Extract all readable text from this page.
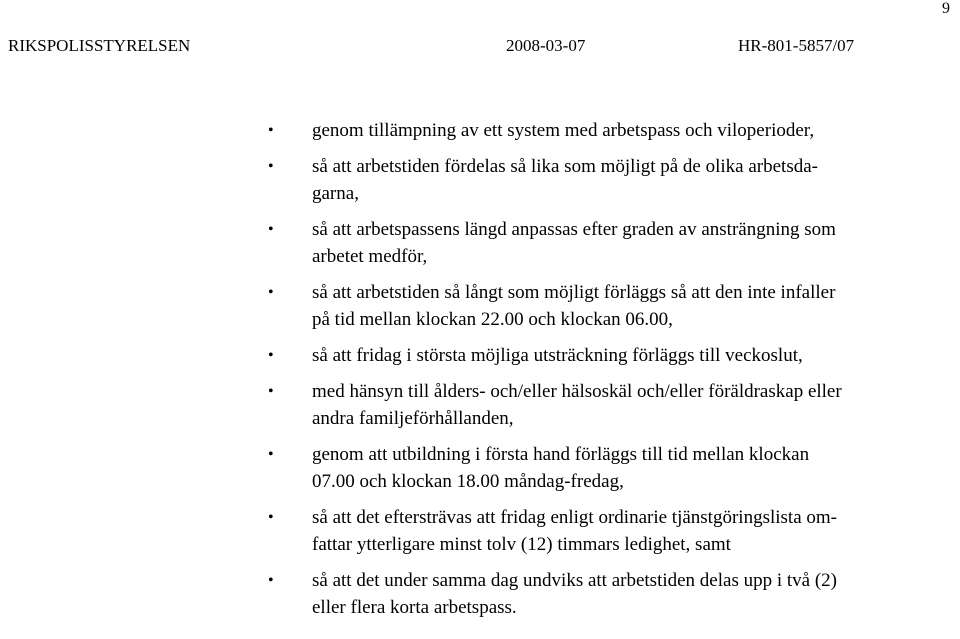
9
RIKSPOLISSTYRELSEN	2008-03-07	HR-801-5857/07
• genom tillämpning av ett system med arbetspass och viloperioder,
• så att arbetstiden fördelas så lika som möjligt på de olika arbetsda-
garna,
• så att arbetspassens längd anpassas efter graden av ansträngning som
arbetet medför,
• så att arbetstiden så långt som möjligt förläggs så att den inte infaller
på tid mellan klockan 22.00 och klockan 06.00,
• så att fridag i största möjliga utsträckning förläggs till veckoslut,
• med hänsyn till ålders- och/eller hälsoskäl och/eller föräldraskap eller
andra familjeförhållanden,
• genom att utbildning i första hand förläggs till tid mellan klockan
07.00 och klockan 18.00 måndag-fredag,
• så att det eftersträvas att fridag enligt ordinarie tjänstgöringslista om-
fattar ytterligare minst tolv (12) timmars ledighet, samt
• så att det under samma dag undviks att arbetstiden delas upp i två (2)
eller flera korta arbetspass.
